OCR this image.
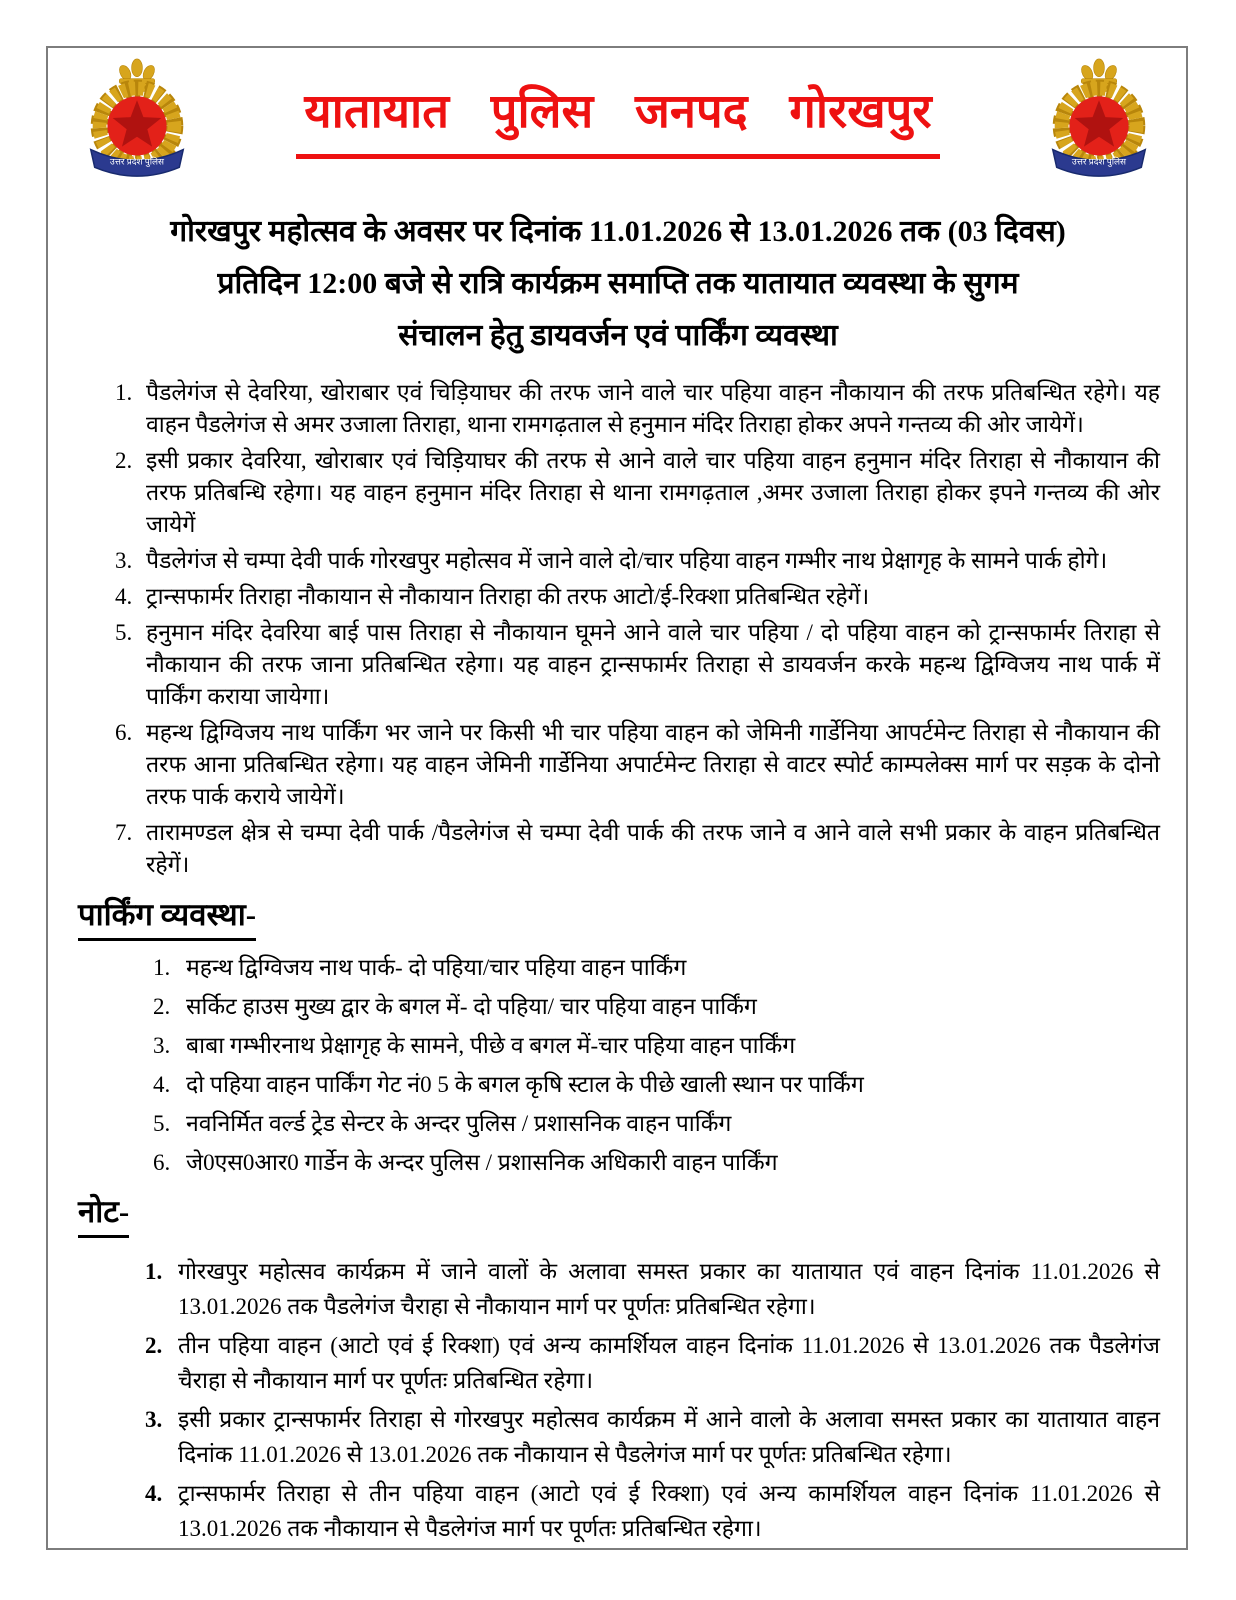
उत्तर प्रदेश पुलिस
यातायात पुलिस जनपद गोरखपुर
उत्तर प्रदेश पुलिस
गोरखपुर महोत्सव के अवसर पर दिनांक 11.01.2026 से 13.01.2026 तक (03 दिवस)
प्रतिदिन 12:00 बजे से रात्रि कार्यक्रम समाप्ति तक यातायात व्यवस्था के सुगम
संचालन हेतु डायवर्जन एवं पार्किंग व्यवस्था
1. पैडलेगंज से देवरिया, खोराबार एवं चिड़ियाघर की तरफ जाने वाले चार पहिया वाहन नौकायान की तरफ प्रतिबन्धित रहेगे। यह वाहन पैडलेगंज से अमर उजाला तिराहा, थाना रामगढ़ताल से हनुमान मंदिर तिराहा होकर अपने गन्तव्य की ओर जायेगें।
2. इसी प्रकार देवरिया, खोराबार एवं चिड़ियाघर की तरफ से आने वाले चार पहिया वाहन हनुमान मंदिर तिराहा से नौकायान की तरफ प्रतिबन्धि रहेगा। यह वाहन हनुमान मंदिर तिराहा से थाना रामगढ़ताल ,अमर उजाला तिराहा होकर इपने गन्तव्य की ओर जायेगें
3. पैडलेगंज से चम्पा देवी पार्क गोरखपुर महोत्सव में जाने वाले दो/चार पहिया वाहन गम्भीर नाथ प्रेक्षागृह के सामने पार्क होगे।
4. ट्रान्सफार्मर तिराहा नौकायान से नौकायान तिराहा की तरफ आटो/ई-रिक्शा प्रतिबन्धित रहेगें।
5. हनुमान मंदिर देवरिया बाई पास तिराहा से नौकायान घूमने आने वाले चार पहिया / दो पहिया वाहन को ट्रान्सफार्मर तिराहा से नौकायान की तरफ जाना प्रतिबन्धित रहेगा। यह वाहन ट्रान्सफार्मर तिराहा से डायवर्जन करके महन्थ द्विग्विजय नाथ पार्क में पार्किंग कराया जायेगा।
6. महन्थ द्विग्विजय नाथ पार्किंग भर जाने पर किसी भी चार पहिया वाहन को जेमिनी गार्डेनिया आपर्टमेन्ट तिराहा से नौकायान की तरफ आना प्रतिबन्धित रहेगा। यह वाहन जेमिनी गार्डेनिया अपार्टमेन्ट तिराहा से वाटर स्पोर्ट काम्पलेक्स मार्ग पर सड़क के दोनो तरफ पार्क कराये जायेगें।
7. तारामण्डल क्षेत्र से चम्पा देवी पार्क /पैडलेगंज से चम्पा देवी पार्क की तरफ जाने व आने वाले सभी प्रकार के वाहन प्रतिबन्धित रहेगें।
पार्किंग व्यवस्था-
1. महन्थ द्विग्विजय नाथ पार्क- दो पहिया/चार पहिया वाहन पार्किंग
2. सर्किट हाउस मुख्य द्वार के बगल में- दो पहिया/ चार पहिया वाहन पार्किंग
3. बाबा गम्भीरनाथ प्रेक्षागृह के सामने, पीछे व बगल में-चार पहिया वाहन पार्किंग
4. दो पहिया वाहन पार्किंग गेट नं0 5 के बगल कृषि स्टाल के पीछे खाली स्थान पर पार्किंग
5. नवनिर्मित वर्ल्ड ट्रेड सेन्टर के अन्दर पुलिस / प्रशासनिक वाहन पार्किंग
6. जे0एस0आर0 गार्डेन के अन्दर पुलिस / प्रशासनिक अधिकारी वाहन पार्किंग
नोट-
1. गोरखपुर महोत्सव कार्यक्रम में जाने वालों के अलावा समस्त प्रकार का यातायात एवं वाहन दिनांक 11.01.2026 से 13.01.2026 तक पैडलेगंज चैराहा से नौकायान मार्ग पर पूर्णतः प्रतिबन्धित रहेगा।
2. तीन पहिया वाहन (आटो एवं ई रिक्शा) एवं अन्य कामर्शियल वाहन दिनांक 11.01.2026 से 13.01.2026 तक पैडलेगंज चैराहा से नौकायान मार्ग पर पूर्णतः प्रतिबन्धित रहेगा।
3. इसी प्रकार ट्रान्सफार्मर तिराहा से गोरखपुर महोत्सव कार्यक्रम में आने वालो के अलावा समस्त प्रकार का यातायात वाहन दिनांक 11.01.2026 से 13.01.2026 तक नौकायान से पैडलेगंज मार्ग पर पूर्णतः प्रतिबन्धित रहेगा।
4. ट्रान्सफार्मर तिराहा से तीन पहिया वाहन (आटो एवं ई रिक्शा) एवं अन्य कामर्शियल वाहन दिनांक 11.01.2026 से 13.01.2026 तक नौकायान से पैडलेगंज मार्ग पर पूर्णतः प्रतिबन्धित रहेगा।
